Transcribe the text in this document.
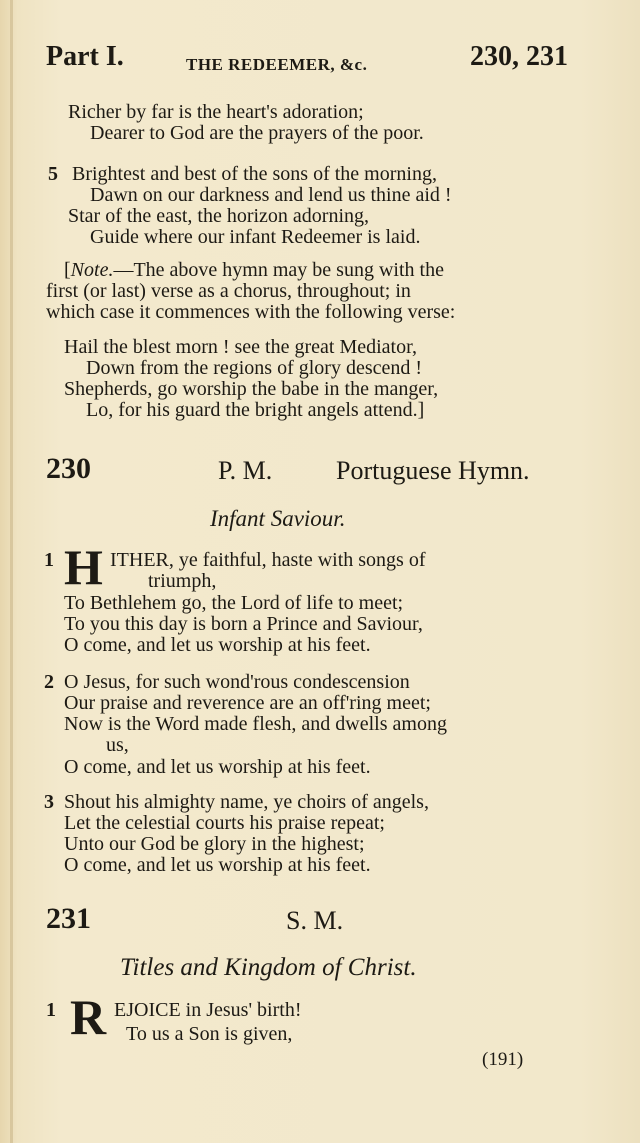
Part I.	THE REDEEMER, &c.	230, 231
Richer by far is the heart's adoration;
Dearer to God are the prayers of the poor.
5 Brightest and best of the sons of the morning,
Dawn on our darkness and lend us thine aid !
Star of the east, the horizon adorning,
Guide where our infant Redeemer is laid.
[Note.—The above hymn may be sung with the
first (or last) verse as a chorus, throughout; in
which case it commences with the following verse:
Hail the blest morn ! see the great Mediator,
Down from the regions of glory descend !
Shepherds, go worship the babe in the manger,
Lo, for his guard the bright angels attend.]
230	P. M. Portuguese Hymn.
Infant Saviour.
1 H ITHER, ye faithful, haste with songs of
triumph,
To Bethlehem go, the Lord of life to meet;
To you this day is born a Prince and Saviour,
O come, and let us worship at his feet.
2 O Jesus, for such wond'rous condescension
Our praise and reverence are an off'ring meet;
Now is the Word made flesh, and dwells among
us,
O come, and let us worship at his feet.
3 Shout his almighty name, ye choirs of angels,
Let the celestial courts his praise repeat;
Unto our God be glory in the highest;
O come, and let us worship at his feet.
231	S. M.
Titles and Kingdom of Christ.
1 R EJOICE in Jesus' birth!
To us a Son is given,
(191)
